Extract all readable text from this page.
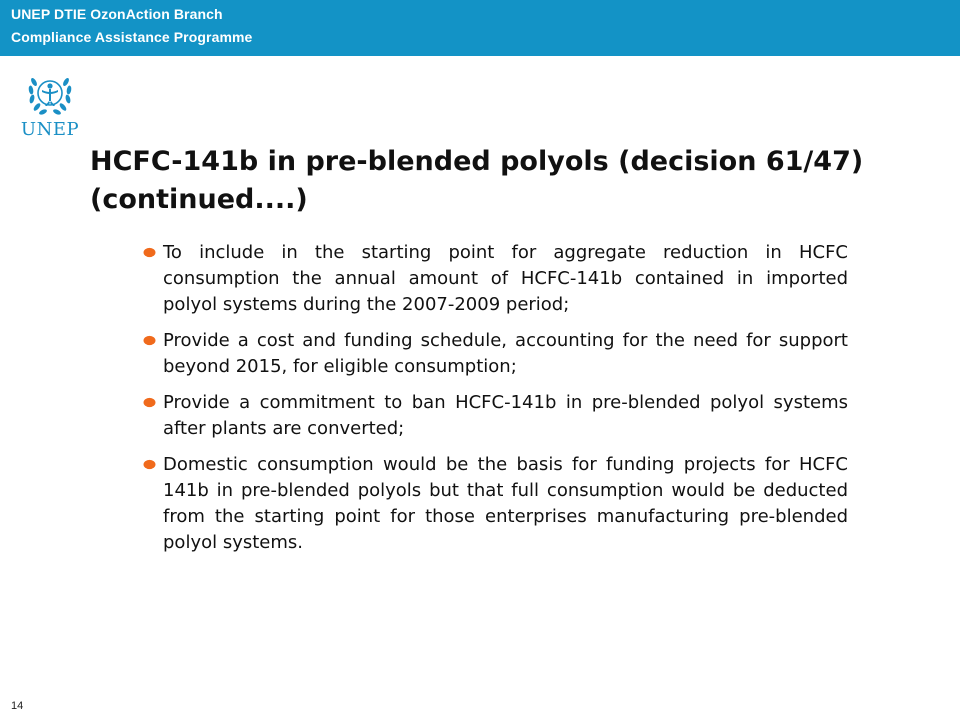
UNEP DTIE OzonAction Branch
Compliance Assistance Programme
UNEP
HCFC-141b in pre-blended polyols (decision 61/47) (continued....)
To include in the starting point for aggregate reduction in HCFC consumption the annual amount of HCFC-141b contained in imported polyol systems during the 2007-2009 period;
Provide a cost and funding schedule, accounting for the need for support beyond 2015, for eligible consumption;
Provide a commitment to ban HCFC-141b in pre-blended polyol systems after plants are converted;
Domestic consumption would be the basis for funding projects for HCFC 141b in pre-blended polyols but that full consumption would be deducted from the starting point for those enterprises manufacturing pre-blended polyol systems.
14
